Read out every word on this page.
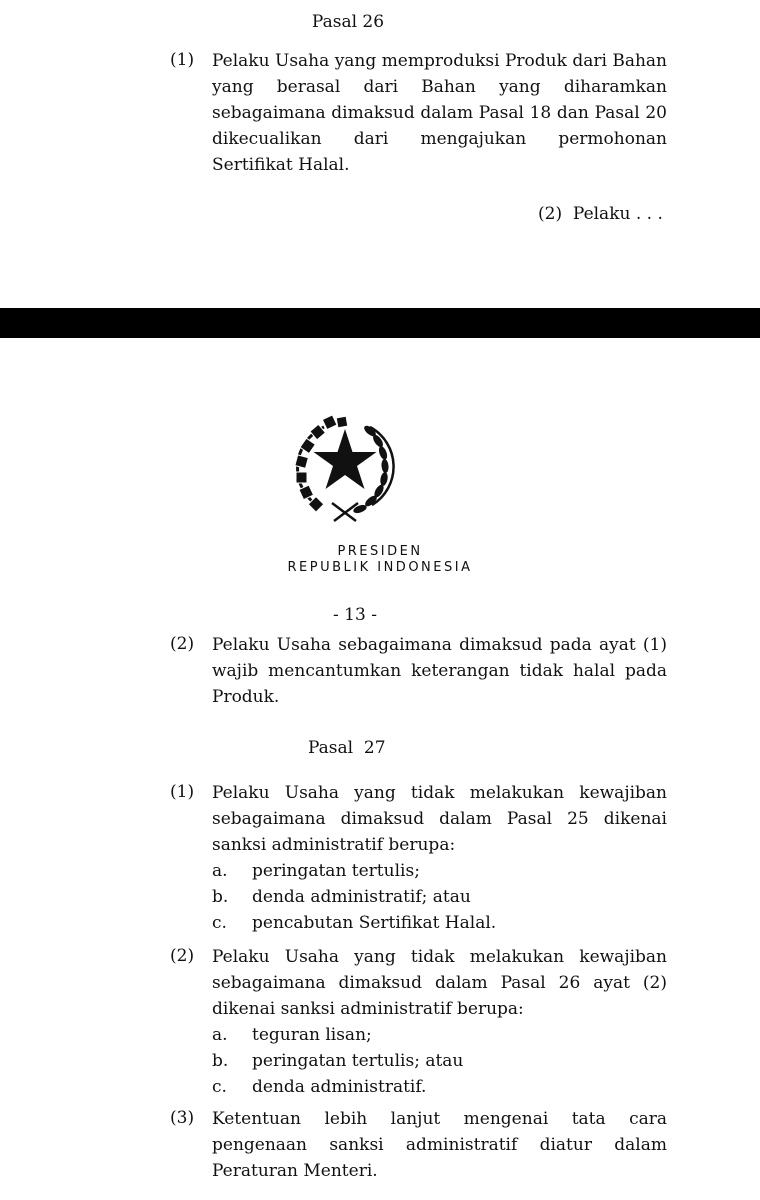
Pasal 26
(1)	Pelaku Usaha yang memproduksi Produk dari Bahan
yang berasal dari Bahan yang diharamkan
sebagaimana dimaksud dalam Pasal 18 dan Pasal 20
dikecualikan dari mengajukan permohonan
Sertifikat Halal.
(2)  Pelaku . . .
PRESIDEN
REPUBLIK INDONESIA
- 13 -
(2)	Pelaku Usaha sebagaimana dimaksud pada ayat (1)
wajib mencantumkan keterangan tidak halal pada
Produk.
Pasal  27
(1)	Pelaku Usaha yang tidak melakukan kewajiban
sebagaimana dimaksud dalam Pasal 25 dikenai
sanksi administratif berupa:
a. peringatan tertulis;
b. denda administratif; atau
c. pencabutan Sertifikat Halal.
(2)	Pelaku Usaha yang tidak melakukan kewajiban
sebagaimana dimaksud dalam Pasal 26 ayat (2)
dikenai sanksi administratif berupa:
a. teguran lisan;
b. peringatan tertulis; atau
c. denda administratif.
(3)	Ketentuan lebih lanjut mengenai tata cara
pengenaan sanksi administratif diatur dalam
Peraturan Menteri.
